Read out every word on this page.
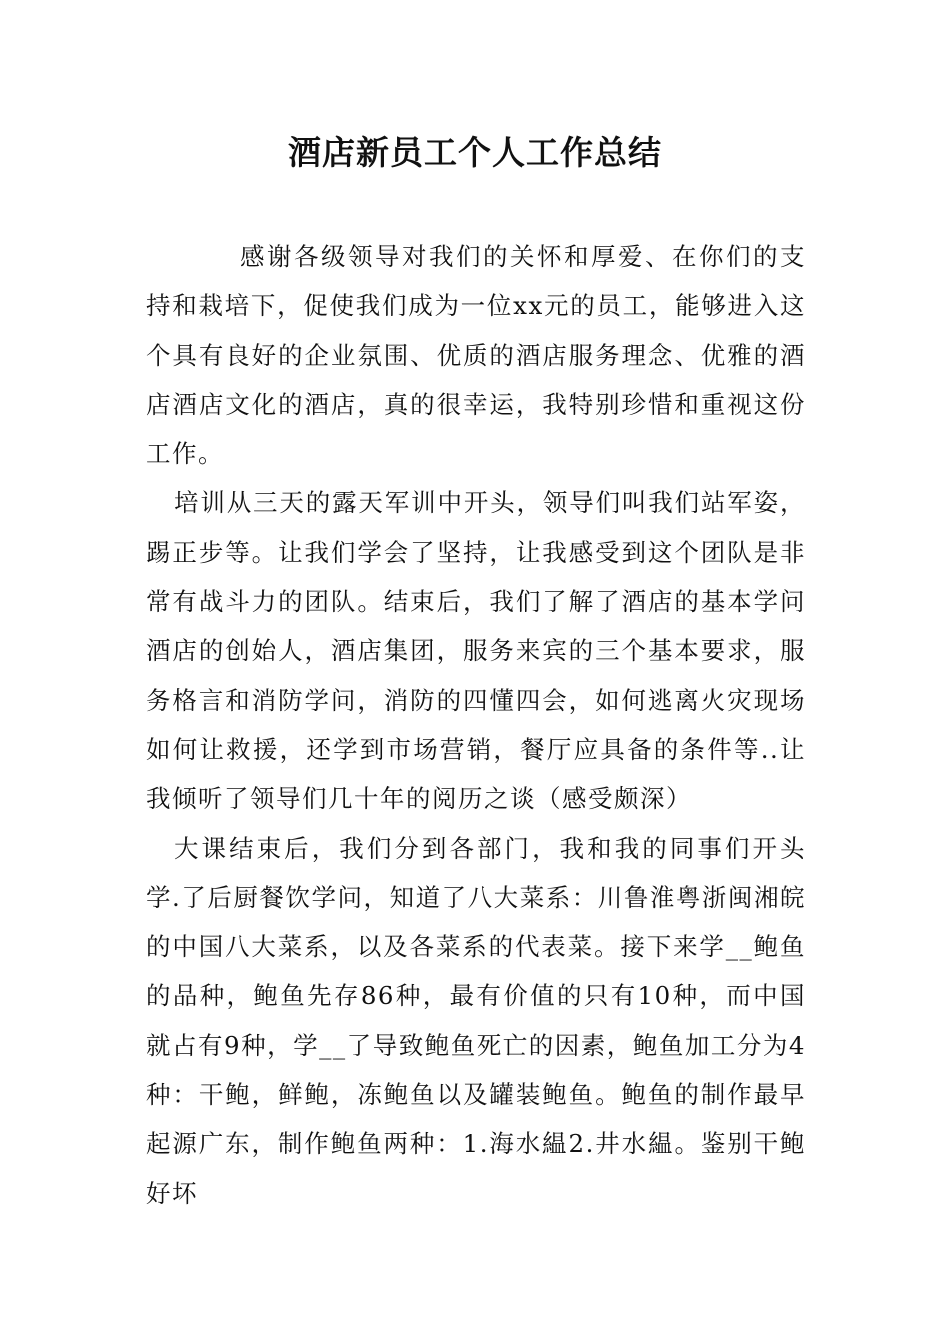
酒店新员工个人工作总结

感谢各级领导对我们的关怀和厚爱、在你们的支持和栽培下，促使我们成为一位xx元的员工，能够进入这个具有良好的企业氛围、优质的酒店服务理念、优雅的酒店酒店文化的酒店，真的很幸运，我特别珍惜和重视这份工作。

培训从三天的露天军训中开头，领导们叫我们站军姿，踢正步等。让我们学会了坚持，让我感受到这个团队是非常有战斗力的团队。结束后，我们了解了酒店的基本学问酒店的创始人，酒店集团，服务来宾的三个基本要求，服务格言和消防学问，消防的四懂四会，如何逃离火灾现场如何让救援，还学到市场营销，餐厅应具备的条件等..让我倾听了领导们几十年的阅历之谈（感受颇深）

大课结束后，我们分到各部门，我和我的同事们开头学.了后厨餐饮学问，知道了八大菜系：川鲁淮粤浙闽湘皖的中国八大菜系，以及各菜系的代表菜。接下来学__鲍鱼的品种，鲍鱼先存86种，最有价值的只有10种，而中国就占有9种，学__了导致鲍鱼死亡的因素，鲍鱼加工分为4种：干鲍，鲜鲍，冻鲍鱼以及罐装鲍鱼。鲍鱼的制作最早起源广东，制作鲍鱼两种：1.海水緼2.井水緼。鉴别干鲍好坏
